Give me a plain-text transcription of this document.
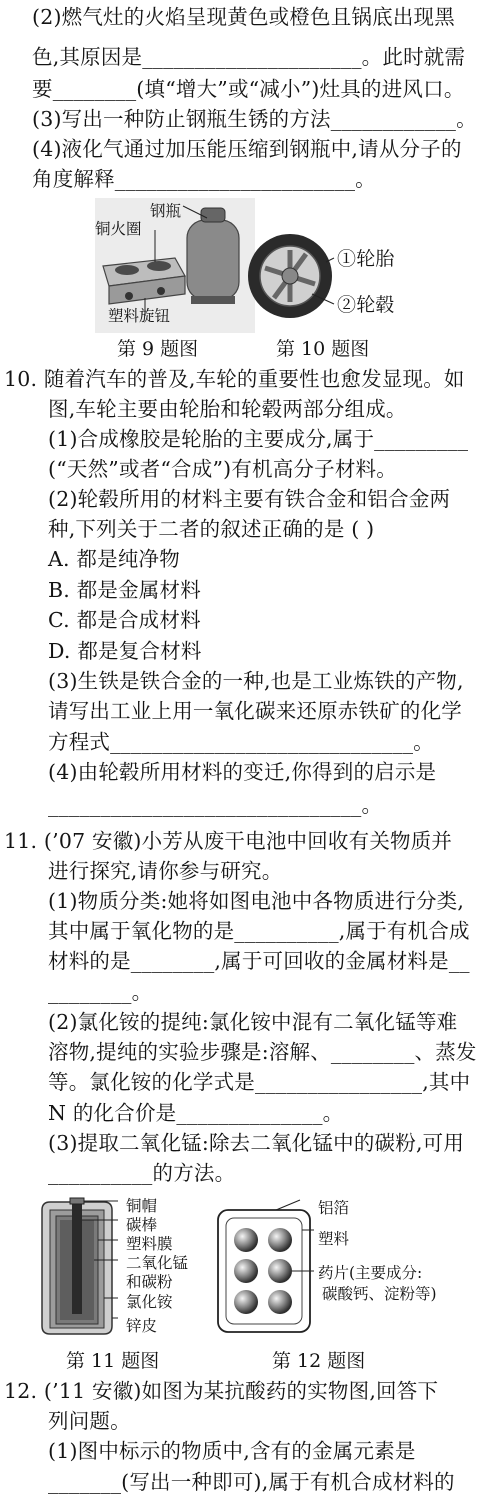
(2)燃气灶的火焰呈现黄色或橙色且锅底出现黑
色,其原因是_____________________。此时就需
要________(填“增大”或“减小”)灶具的进风口。
(3)写出一种防止钢瓶生锈的方法____________。
(4)液化气通过加压能压缩到钢瓶中,请从分子的
角度解释_______________________。
钢瓶
铜火圈
塑料旋钮
第 9 题图
①轮胎
②轮毂
第 10 题图
10. 随着汽车的普及,车轮的重要性也愈发显现。如
图,车轮主要由轮胎和轮毂两部分组成。
(1)合成橡胶是轮胎的主要成分,属于_________
(“天然”或者“合成”)有机高分子材料。
(2)轮毂所用的材料主要有铁合金和铝合金两
种,下列关于二者的叙述正确的是 ( )
A. 都是纯净物
B. 都是金属材料
C. 都是合成材料
D. 都是复合材料
(3)生铁是铁合金的一种,也是工业炼铁的产物,
请写出工业上用一氧化碳来还原赤铁矿的化学
方程式_____________________________。
(4)由轮毂所用材料的变迁,你得到的启示是
______________________________。
11. (’07 安徽)小芳从废干电池中回收有关物质并
进行探究,请你参与研究。
(1)物质分类:她将如图电池中各物质进行分类,
其中属于氧化物的是__________,属于有机合成
材料的是________,属于可回收的金属材料是__
________。
(2)氯化铵的提纯:氯化铵中混有二氧化锰等难
溶物,提纯的实验步骤是:溶解、________、蒸发
等。氯化铵的化学式是________________,其中
N 的化合价是______________。
(3)提取二氧化锰:除去二氧化锰中的碳粉,可用
__________的方法。
铜帽
碳棒
塑料膜
二氧化锰
和碳粉
氯化铵
锌皮
第 11 题图
铝箔
塑料
药片(主要成分:
碳酸钙、淀粉等)
第 12 题图
12. (’11 安徽)如图为某抗酸药的实物图,回答下
列问题。
(1)图中标示的物质中,含有的金属元素是
_______(写出一种即可),属于有机合成材料的
